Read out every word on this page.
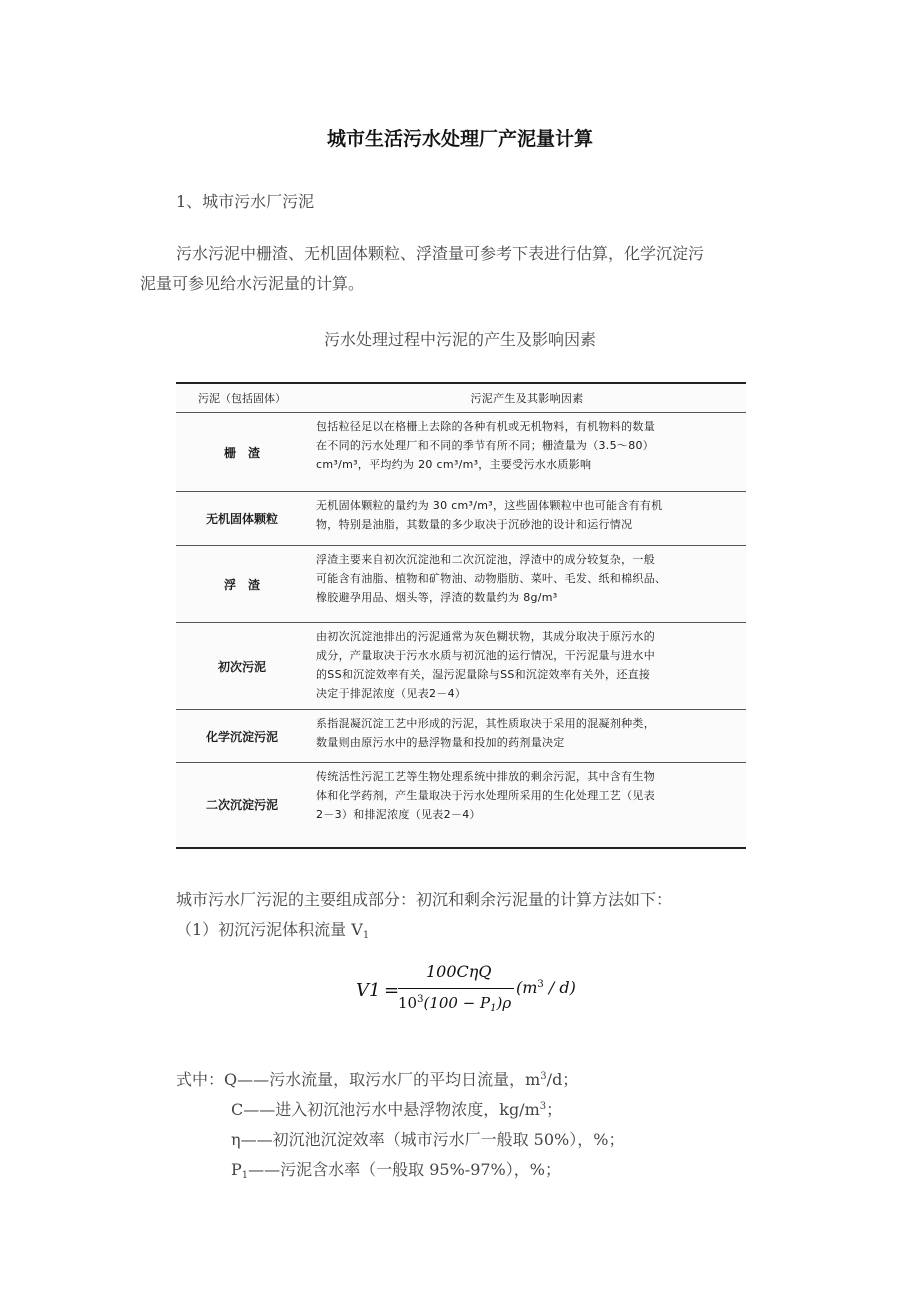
城市生活污水处理厂产泥量计算
1、城市污水厂污泥
污水污泥中栅渣、无机固体颗粒、浮渣量可参考下表进行估算，化学沉淀污
泥量可参见给水污泥量的计算。
污水处理过程中污泥的产生及影响因素
污泥（包括固体）	污泥产生及其影响因素
栅　渣
包括粒径足以在格栅上去除的各种有机或无机物料，有机物料的数量
在不同的污水处理厂和不同的季节有所不同；栅渣量为（3.5～80）
cm³/m³，平均约为 20 cm³/m³，主要受污水水质影响
无机固体颗粒
无机固体颗粒的量约为 30 cm³/m³，这些固体颗粒中也可能含有有机
物，特别是油脂，其数量的多少取决于沉砂池的设计和运行情况
浮　渣
浮渣主要来自初次沉淀池和二次沉淀池，浮渣中的成分较复杂，一般
可能含有油脂、植物和矿物油、动物脂肪、菜叶、毛发、纸和棉织品、
橡胶避孕用品、烟头等，浮渣的数量约为 8g/m³
初次污泥
由初次沉淀池排出的污泥通常为灰色糊状物，其成分取决于原污水的
成分，产量取决于污水水质与初沉池的运行情况，干污泥量与进水中
的SS和沉淀效率有关，湿污泥量除与SS和沉淀效率有关外，还直接
决定于排泥浓度（见表2－4）
化学沉淀污泥
系指混凝沉淀工艺中形成的污泥，其性质取决于采用的混凝剂种类，
数量则由原污水中的悬浮物量和投加的药剂量决定
二次沉淀污泥
传统活性污泥工艺等生物处理系统中排放的剩余污泥，其中含有生物
体和化学药剂，产生量取决于污水处理所采用的生化处理工艺（见表
2－3）和排泥浓度（见表2－4）
城市污水厂污泥的主要组成部分：初沉和剩余污泥量的计算方法如下：
（1）初沉污泥体积流量 $V_1$
V1 =
100CηQ
$10^3(100 - P_1)\rho$
$(m^3 / d)$
式中：Q——污水流量，取污水厂的平均日流量，$m^3/d$；
C——进入初沉池污水中悬浮物浓度，$kg/m^3$；
η——初沉池沉淀效率（城市污水厂一般取 50%），%；
$P_1——$污泥含水率（一般取 95%-97%），%；
